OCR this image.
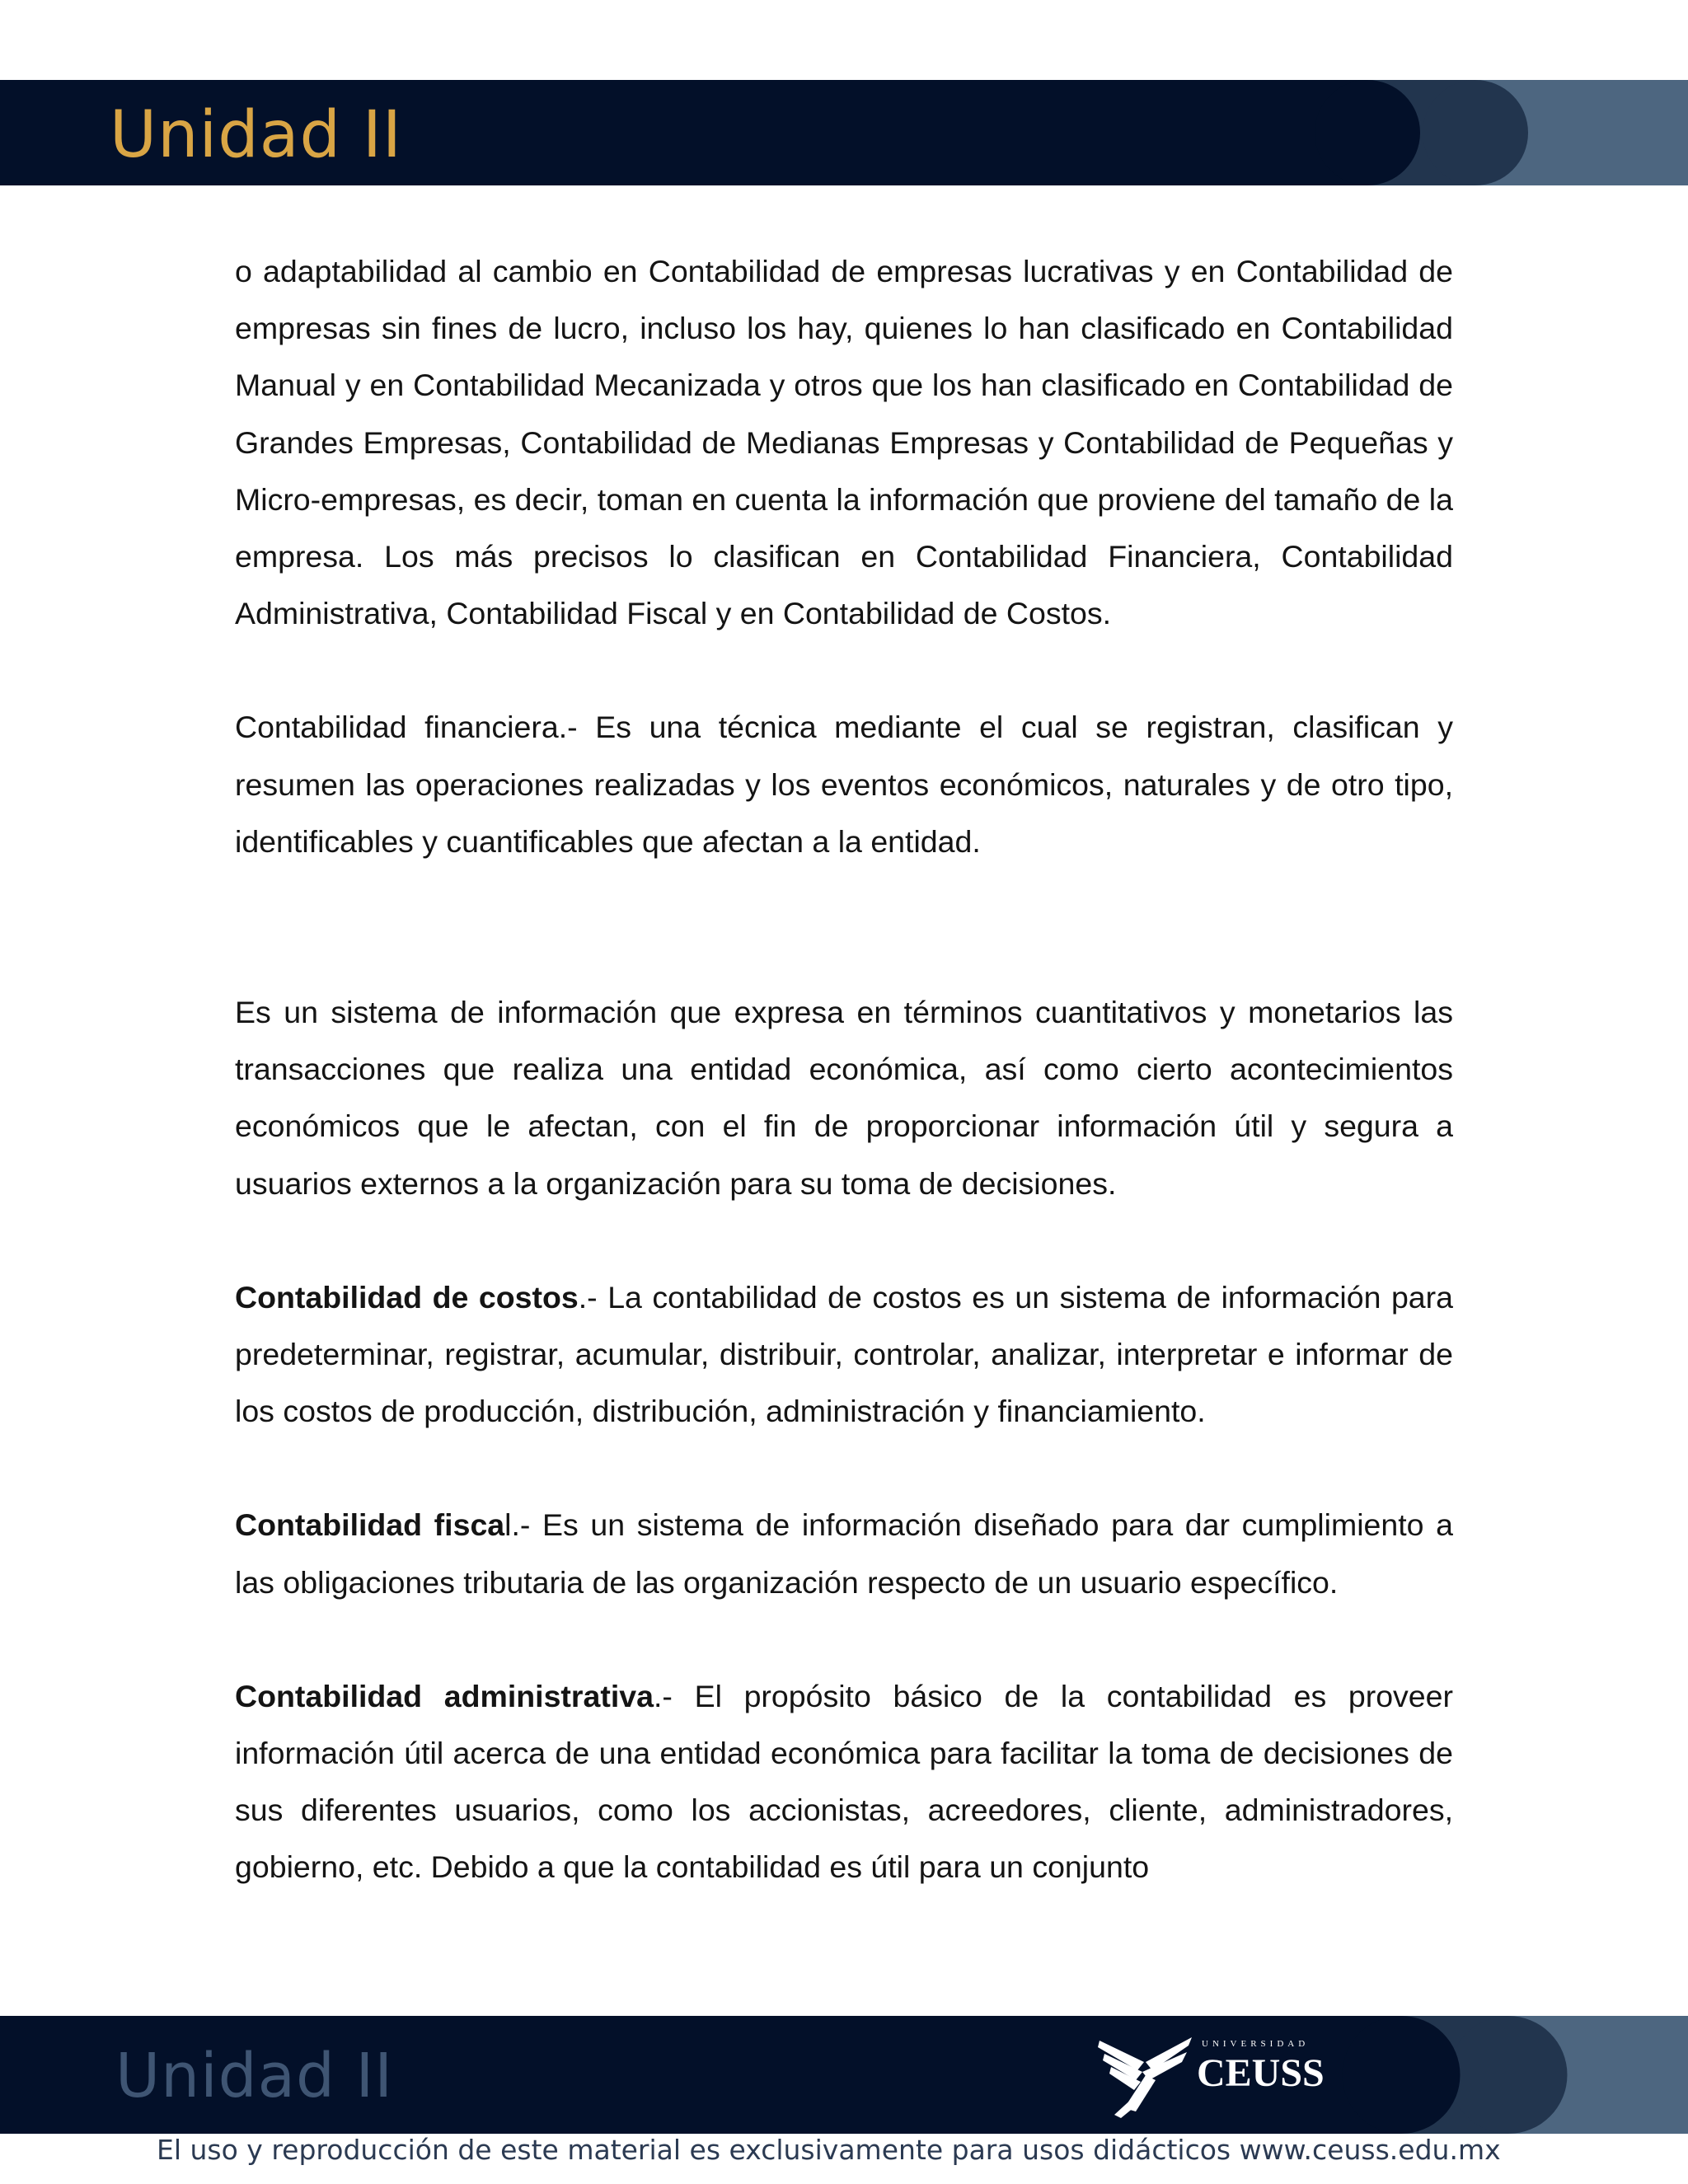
Unidad II

o adaptabilidad al cambio en Contabilidad de empresas lucrativas y en Contabilidad de empresas sin fines de lucro, incluso los hay, quienes lo han clasificado en Contabilidad Manual y en Contabilidad Mecanizada y otros que los han clasificado en Contabilidad de Grandes Empresas, Contabilidad de Medianas Empresas y Contabilidad de Pequeñas y Micro-empresas, es decir, toman en cuenta la información que proviene del tamaño de la empresa. Los más precisos lo clasifican en Contabilidad Financiera, Contabilidad Administrativa, Contabilidad Fiscal y en Contabilidad de Costos.

Contabilidad financiera.- Es una técnica mediante el cual se registran, clasifican y resumen las operaciones realizadas y los eventos económicos, naturales y de otro tipo, identificables y cuantificables que afectan a la entidad.

Es un sistema de información que expresa en términos cuantitativos y monetarios las transacciones que realiza una entidad económica, así como cierto acontecimientos económicos que le afectan, con el fin de proporcionar información útil y segura a usuarios externos a la organización para su toma de decisiones.

Contabilidad de costos.- La contabilidad de costos es un sistema de información para predeterminar, registrar, acumular, distribuir, controlar, analizar, interpretar e informar de los costos de producción, distribución, administración y financiamiento.

Contabilidad fiscal.- Es un sistema de información diseñado para dar cumplimiento a las obligaciones tributaria de las organización respecto de un usuario específico.

Contabilidad administrativa.- El propósito básico de la contabilidad es proveer información útil acerca de una entidad económica para facilitar la toma de decisiones de sus diferentes usuarios, como los accionistas, acreedores, cliente, administradores, gobierno, etc. Debido a que la contabilidad es útil para un conjunto

Unidad II	UNIVERSIDAD
CEUSS
El uso y reproducción de este material es exclusivamente para usos didácticos www.ceuss.edu.mx
